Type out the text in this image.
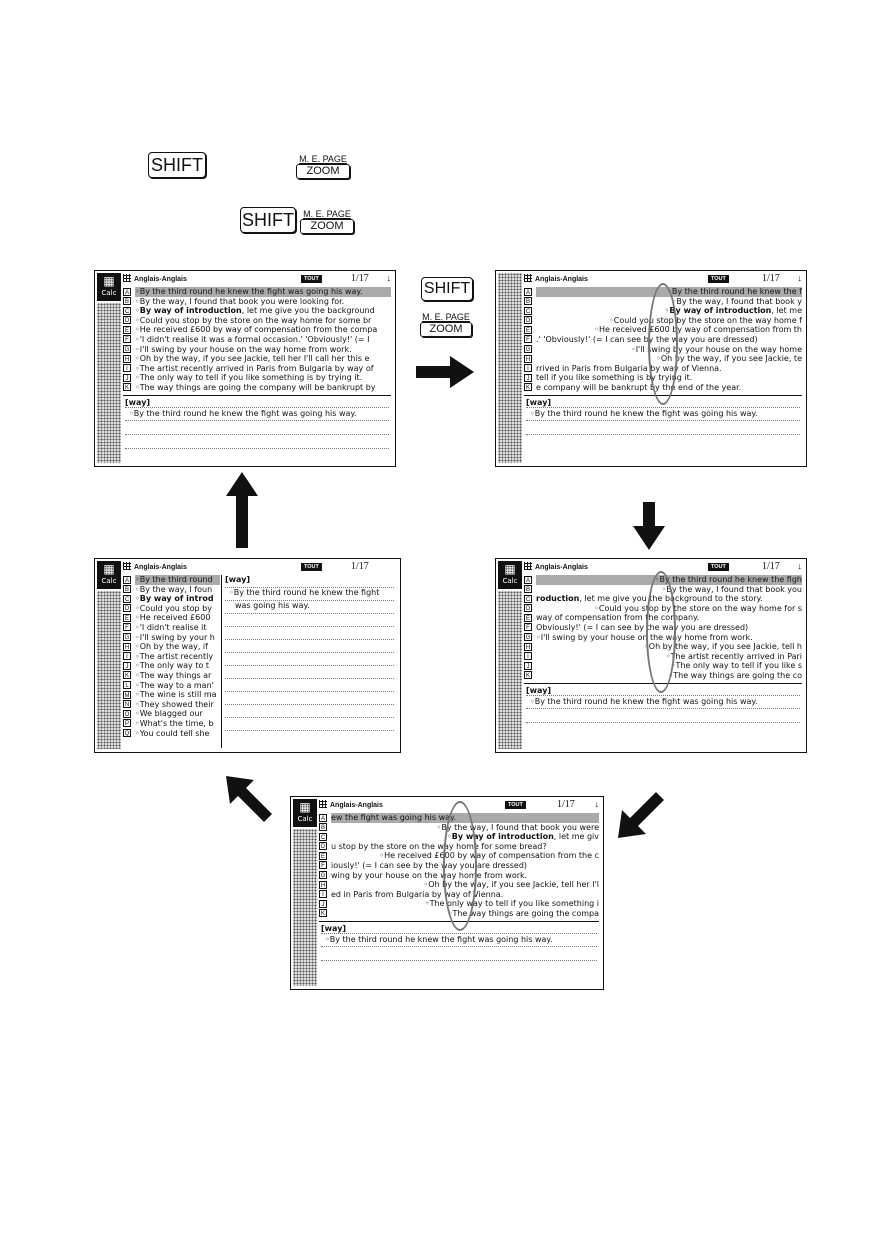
SHIFT	M. E. PAGE
ZOOM
SHIFT	M. E. PAGE
ZOOM
SHIFT
M. E. PAGE
ZOOM
▦
Calc
Anglais-Anglais	TOUT	1/17 ↓
A ◦By the third round he knew the fight was going his way.
B ◦By the way, I found that book you were looking for.
C ◦By way of introduction, let me give you the background
D ◦Could you stop by the store on the way home for some br
E ◦He received £600 by way of compensation from the compa
F ◦'I didn't realise it was a formal occasion.' 'Obviously!' (= I
G ◦I'll swing by your house on the way home from work.
H ◦Oh by the way, if you see Jackie, tell her I'll call her this e
I ◦The artist recently arrived in Paris from Bulgaria by way of
J ◦The only way to tell if you like something is by trying it.
K ◦The way things are going the company will be bankrupt by
[way]
◦By the third round he knew the fight was going his way.
Anglais-Anglais	TOUT	1/17 ↓
A	◦By the third round he knew the f
B	◦By the way, I found that book y
C	◦By way of introduction, let me
D	◦Could you stop by the store on the way home f
E	◦He received £600 by way of compensation from th
F .' 'Obviously!' (= I can see by the way you are dressed)
G	◦I'll swing by your house on the way home
H	◦Oh by the way, if you see Jackie, te
I rrived in Paris from Bulgaria by way of Vienna.
J tell if you like something is by trying it.
K e company will be bankrupt by the end of the year.
[way]
◦By the third round he knew the fight was going his way.
▦
Calc
Anglais-Anglais	TOUT	1/17
A ◦By the third round
B ◦By the way, I foun
C ◦By way of introd
D ◦Could you stop by
E ◦He received £600
F ◦'I didn't realise it
G ◦I'll swing by your h
H ◦Oh by the way, if
I ◦The artist recently
J ◦The only way to t
K ◦The way things ar
L ◦The way to a man'
M ◦The wine is still ma
N ◦They showed their
O ◦We blagged our
P ◦What's the time, b
Q ◦You could tell she
[way]
◦By the third round he knew the fight
was going his way.
▦
Calc
Anglais-Anglais	TOUT	1/17 ↓
A	◦By the third round he knew the figh
B	◦By the way, I found that book you
C roduction, let me give you the background to the story.
D	◦Could you stop by the store on the way home for s
E way of compensation from the company.
F Obviously!' (= I can see by the way you are dressed)
G ◦I'll swing by your house on the way home from work.
H	◦Oh by the way, if you see Jackie, tell h
I	◦The artist recently arrived in Pari
J	◦The only way to tell if you like s
K	◦The way things are going the co
[way]
◦By the third round he knew the fight was going his way.
▦
Calc
Anglais-Anglais	TOUT	1/17 ↓
A ew the fight was going his way.
B	◦By the way, I found that book you were
C	◦By way of introduction, let me giv
D u stop by the store on the way home for some bread?
E	◦He received £600 by way of compensation from the c
F iously!' (= I can see by the way you are dressed)
G wing by your house on the way home from work.
H	◦Oh by the way, if you see Jackie, tell her I'l
I ed in Paris from Bulgaria by way of Vienna.
J	◦The only way to tell if you like something i
K	◦The way things are going the compa
[way]
◦By the third round he knew the fight was going his way.
